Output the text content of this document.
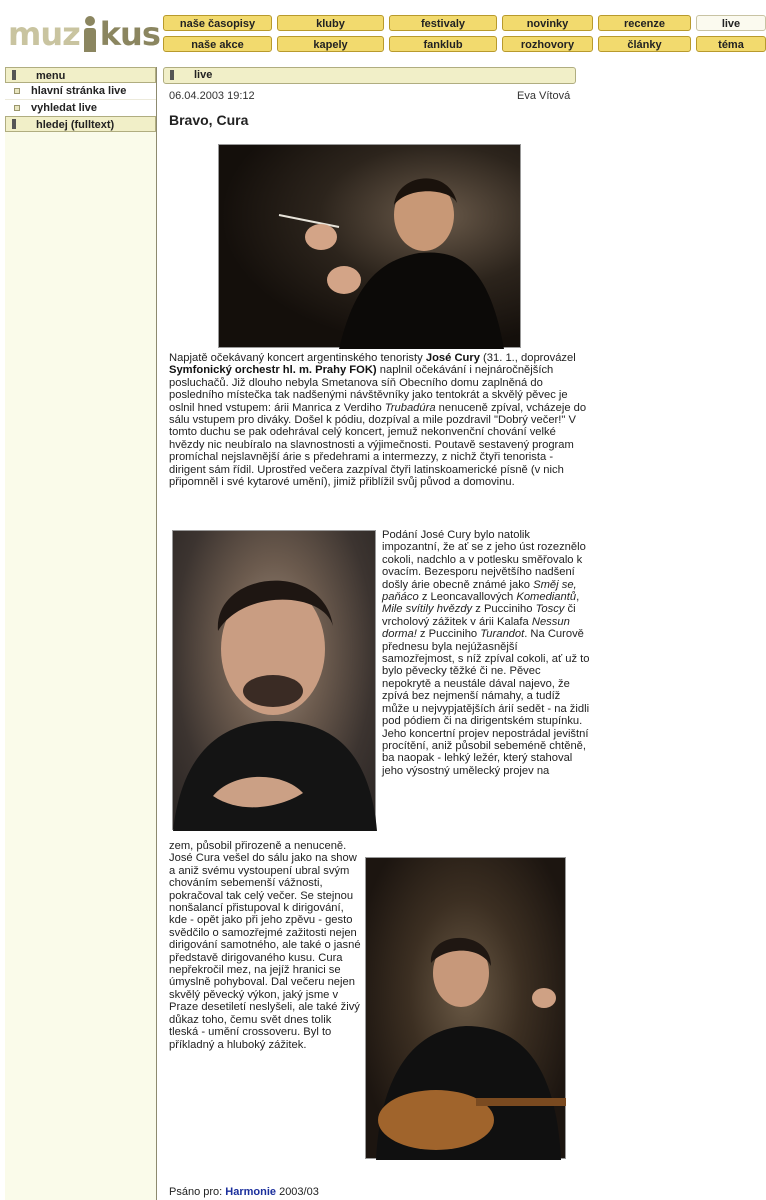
muz kus	naše časopisy	kluby	festivaly	novinky	recenze	live
naše akce	kapely	fanklub	rozhovory	články	téma
menu
hlavní stránka live
vyhledat live
hledej (fulltext)
live
06.04.2003 19:12	Eva Vítová
Bravo, Cura
Napjatě očekávaný koncert argentinského tenoristy José Cury (31. 1., doprovázel Symfonický orchestr hl. m. Prahy FOK) naplnil očekávání i nejnáročnějších posluchačů. Již dlouho nebyla Smetanova síň Obecního domu zaplněná do posledního místečka tak nadšenými návštěvníky jako tentokrát a skvělý pěvec je oslnil hned vstupem: árii Manrica z Verdiho Trubadúra nenuceně zpíval, vcházeje do sálu vstupem pro diváky. Došel k pódiu, dozpíval a mile pozdravil "Dobrý večer!" V tomto duchu se pak odehrával celý koncert, jemuž nekonvenční chování velké hvězdy nic neubíralo na slavnostnosti a výjimečnosti. Poutavě sestavený program promíchal nejslavnější árie s předehrami a intermezzy, z nichž čtyři tenorista - dirigent sám řídil. Uprostřed večera zazpíval čtyři latinskoamerické písně (v nich připomněl i své kytarové umění), jimiž přiblížil svůj původ a domovinu.
Podání José Cury bylo natolik impozantní, že ať se z jeho úst rozeznělo cokoli, nadchlo a v potlesku směřovalo k ovacím. Bezesporu největšího nadšení došly árie obecně známé jako Směj se, paňáco z Leoncavallových Komediantů, Mile svítily hvězdy z Pucciniho Toscy či vrcholový zážitek v árii Kalafa Nessun dorma! z Pucciniho Turandot. Na Curově přednesu byla nejúžasnější samozřejmost, s níž zpíval cokoli, ať už to bylo pěvecky těžké či ne. Pěvec nepokrytě a neustále dával najevo, že zpívá bez nejmenší námahy, a tudíž může u nejvypjatějších árií sedět - na židli pod pódiem či na dirigentském stupínku. Jeho koncertní projev nepostrádal jevištní procítění, aniž působil sebeméně chtěně, ba naopak - lehký ležér, který stahoval jeho výsostný umělecký projev na
zem, působil přirozeně a nenuceně. José Cura vešel do sálu jako na show a aniž svému vystoupení ubral svým chováním sebemenší vážnosti, pokračoval tak celý večer. Se stejnou nonšalancí přistupoval k dirigování, kde - opět jako při jeho zpěvu - gesto svědčilo o samozřejmé zažitosti nejen dirigování samotného, ale také o jasné představě dirigovaného kusu. Cura nepřekročil mez, na jejíž hranici se úmyslně pohyboval. Dal večeru nejen skvělý pěvecký výkon, jaký jsme v Praze desetiletí neslyšeli, ale také živý důkaz toho, čemu svět dnes tolik tleská - umění crossoveru. Byl to příkladný a hluboký zážitek.
Psáno pro: Harmonie 2003/03
